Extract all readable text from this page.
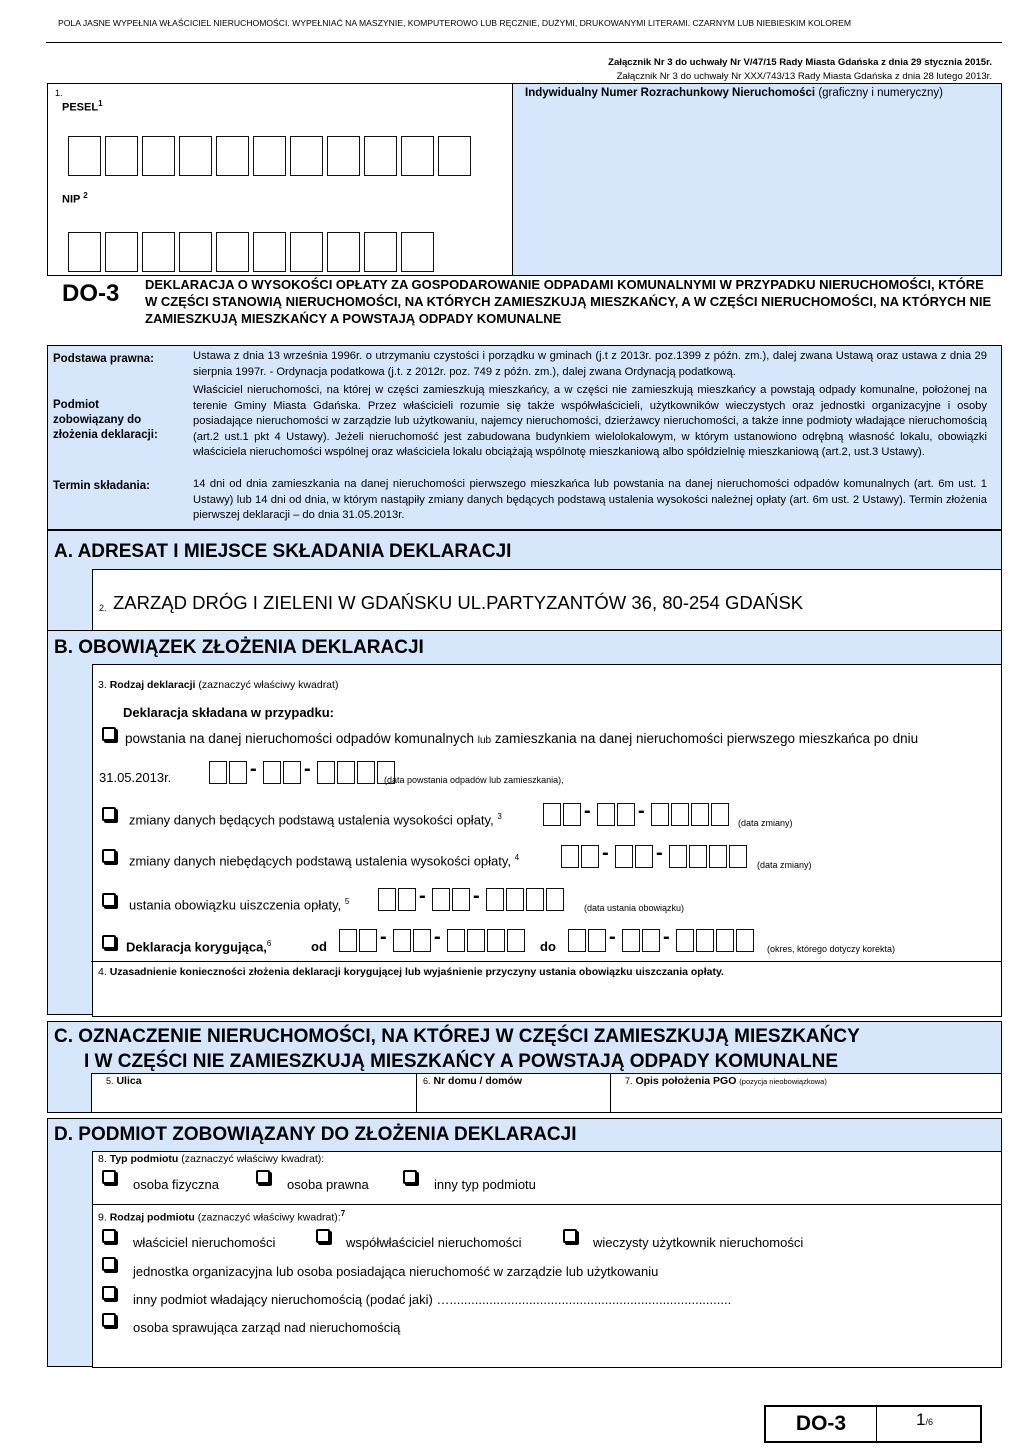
POLA JASNE WYPEŁNIA WŁAŚCICIEL NIERUCHOMOŚCI. WYPEŁNIAĆ NA MASZYNIE, KOMPUTEROWO LUB RĘCZNIE, DUŻYMI, DRUKOWANYMI LITERAMI. CZARNYM LUB NIEBIESKIM KOLOREM
Załącznik Nr 3 do uchwały Nr V/47/15 Rady Miasta Gdańska z dnia 29 stycznia 2015r.
Załącznik Nr 3 do uchwały Nr XXX/743/13 Rady Miasta Gdańska z dnia 28 lutego 2013r.
1.
PESEL$^1$
NIP $^2$
Indywidualny Numer Rozrachunkowy Nieruchomości (graficzny i numeryczny)
DO-3 DEKLARACJA O WYSOKOŚCI OPŁATY ZA GOSPODAROWANIE ODPADAMI KOMUNALNYMI W PRZYPADKU NIERUCHOMOŚCI, KTÓRE W CZĘŚCI STANOWIĄ NIERUCHOMOŚCI, NA KTÓRYCH ZAMIESZKUJĄ MIESZKAŃCY, A W CZĘŚCI NIERUCHOMOŚCI, NA KTÓRYCH NIE ZAMIESZKUJĄ MIESZKAŃCY A POWSTAJĄ ODPADY KOMUNALNE
Podstawa prawna:	Ustawa z dnia 13 września 1996r. o utrzymaniu czystości i porządku w gminach (j.t z 2013r. poz.1399 z późn. zm.), dalej zwana Ustawą oraz ustawa z dnia 29 sierpnia 1997r. - Ordynacja podatkowa (j.t. z 2012r. poz. 749 z późn. zm.), dalej zwana Ordynacją podatkową.
Podmiot zobowiązany do złożenia deklaracji:
Właściciel nieruchomości, na której w części zamieszkują mieszkańcy, a w części nie zamieszkują mieszkańcy a powstają odpady komunalne, położonej na terenie Gminy Miasta Gdańska. Przez właścicieli rozumie się także współwłaścicieli, użytkowników wieczystych oraz jednostki organizacyjne i osoby posiadające nieruchomości w zarządzie lub użytkowaniu, najemcy nieruchomości, dzierżawcy nieruchomości, a także inne podmioty władające nieruchomością (art.2 ust.1 pkt 4 Ustawy). Jeżeli nieruchomość jest zabudowana budynkiem wielolokalowym, w którym ustanowiono odrębną własność lokalu, obowiązki właściciela nieruchomości wspólnej oraz właściciela lokalu obciążają wspólnotę mieszkaniową albo spółdzielnię mieszkaniową (art.2, ust.3 Ustawy).
Termin składania:	14 dni od dnia zamieszkania na danej nieruchomości pierwszego mieszkańca lub powstania na danej nieruchomości odpadów komunalnych (art. 6m ust. 1 Ustawy) lub 14 dni od dnia, w którym nastąpiły zmiany danych będących podstawą ustalenia wysokości należnej opłaty (art. 6m ust. 2 Ustawy). Termin złożenia pierwszej deklaracji – do dnia 31.05.2013r.
A. ADRESAT I MIEJSCE SKŁADANIA DEKLARACJI
2. ZARZĄD DRÓG I ZIELENI W GDAŃSKU UL.PARTYZANTÓW 36, 80-254 GDAŃSK
B. OBOWIĄZEK ZŁOŻENIA DEKLARACJI
3. Rodzaj deklaracji (zaznaczyć właściwy kwadrat)
Deklaracja składana w przypadku:
powstania na danej nieruchomości odpadów komunalnych lub zamieszkania na danej nieruchomości pierwszego mieszkańca po dniu
31.05.2013r.	- -	(data powstania odpadów lub zamieszkania),
zmiany danych będących podstawą ustalenia wysokości opłaty, $^3$	- -
(data zmiany)
zmiany danych niebędących podstawą ustalenia wysokości opłaty, $^4$	- -
(data zmiany)
ustania obowiązku uiszczenia opłaty, $^5$	- -
(data ustania obowiązku)
Deklaracja korygująca,$^6$	od	- -	do	- -
(okres, którego dotyczy korekta)
4. Uzasadnienie konieczności złożenia deklaracji korygującej lub wyjaśnienie przyczyny ustania obowiązku uiszczania opłaty.
C. OZNACZENIE NIERUCHOMOŚCI, NA KTÓREJ W CZĘŚCI ZAMIESZKUJĄ MIESZKAŃCY
I W CZĘŚCI NIE ZAMIESZKUJĄ MIESZKAŃCY A POWSTAJĄ ODPADY KOMUNALNE
5. Ulica	6. Nr domu / domów	7. Opis położenia PGO (pozycja nieobowiązkowa)
D. PODMIOT ZOBOWIĄZANY DO ZŁOŻENIA DEKLARACJI
8. Typ podmiotu (zaznaczyć właściwy kwadrat):
osoba fizyczna	osoba prawna	inny typ podmiotu
9. Rodzaj podmiotu (zaznaczyć właściwy kwadrat):$^7$
właściciel nieruchomości	współwłaściciel nieruchomości	wieczysty użytkownik nieruchomości
jednostka organizacyjna lub osoba posiadająca nieruchomość w zarządzie lub użytkowaniu
inny podmiot władający nieruchomością (podać jaki) …..............................................................................
osoba sprawująca zarząd nad nieruchomością
DO-3	1/6
